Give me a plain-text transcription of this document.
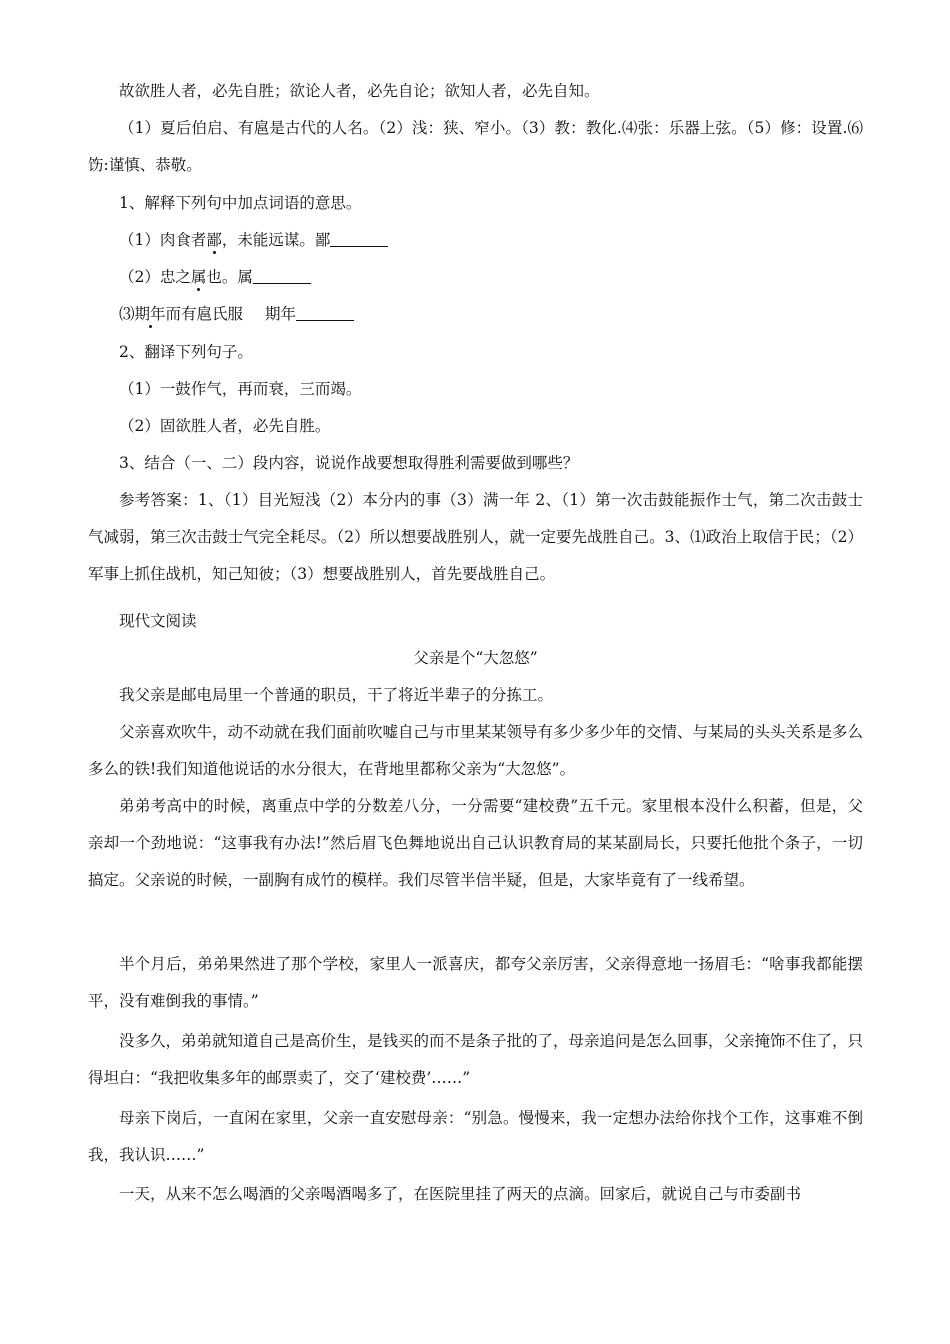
故欲胜人者，必先自胜；欲论人者，必先自论；欲知人者，必先自知。

（1）夏后伯启、有扈是古代的人名。（2）浅：狭、窄小。（3）教：教化.⑷张：乐器上弦。（5）修：设置.⑹饬:谨慎、恭敬。

1、解释下列句中加点词语的意思。

（1）肉食者鄙，未能远谋。鄙

（2）忠之属也。属

⑶期年而有扈氏服 期年

2、翻译下列句子。

（1）一鼓作气，再而衰，三而竭。

（2）固欲胜人者，必先自胜。

3、结合（一、二）段内容，说说作战要想取得胜利需要做到哪些？

参考答案：1、（1）目光短浅（2）本分内的事（3）满一年 2、（1）第一次击鼓能振作士气，第二次击鼓士气减弱，第三次击鼓士气完全耗尽。（2）所以想要战胜别人，就一定要先战胜自己。3、⑴政治上取信于民；（2）军事上抓住战机，知己知彼；（3）想要战胜别人，首先要战胜自己。

现代文阅读

父亲是个“大忽悠”

我父亲是邮电局里一个普通的职员，干了将近半辈子的分拣工。

父亲喜欢吹牛，动不动就在我们面前吹嘘自己与市里某某领导有多少多少年的交情、与某局的头头关系是多么多么的铁!我们知道他说话的水分很大，在背地里都称父亲为“大忽悠”。

弟弟考高中的时候，离重点中学的分数差八分，一分需要“建校费”五千元。家里根本没什么积蓄，但是，父亲却一个劲地说：“这事我有办法!”然后眉飞色舞地说出自己认识教育局的某某副局长，只要托他批个条子，一切搞定。父亲说的时候，一副胸有成竹的模样。我们尽管半信半疑，但是，大家毕竟有了一线希望。

半个月后，弟弟果然进了那个学校，家里人一派喜庆，都夸父亲厉害，父亲得意地一扬眉毛：“啥事我都能摆平，没有难倒我的事情。”

没多久，弟弟就知道自己是高价生，是钱买的而不是条子批的了，母亲追问是怎么回事，父亲掩饰不住了，只得坦白：“我把收集多年的邮票卖了，交了‘建校费’……”

母亲下岗后，一直闲在家里，父亲一直安慰母亲：“别急。慢慢来，我一定想办法给你找个工作，这事难不倒我，我认识……”

一天，从来不怎么喝酒的父亲喝酒喝多了，在医院里挂了两天的点滴。回家后，就说自己与市委副书
